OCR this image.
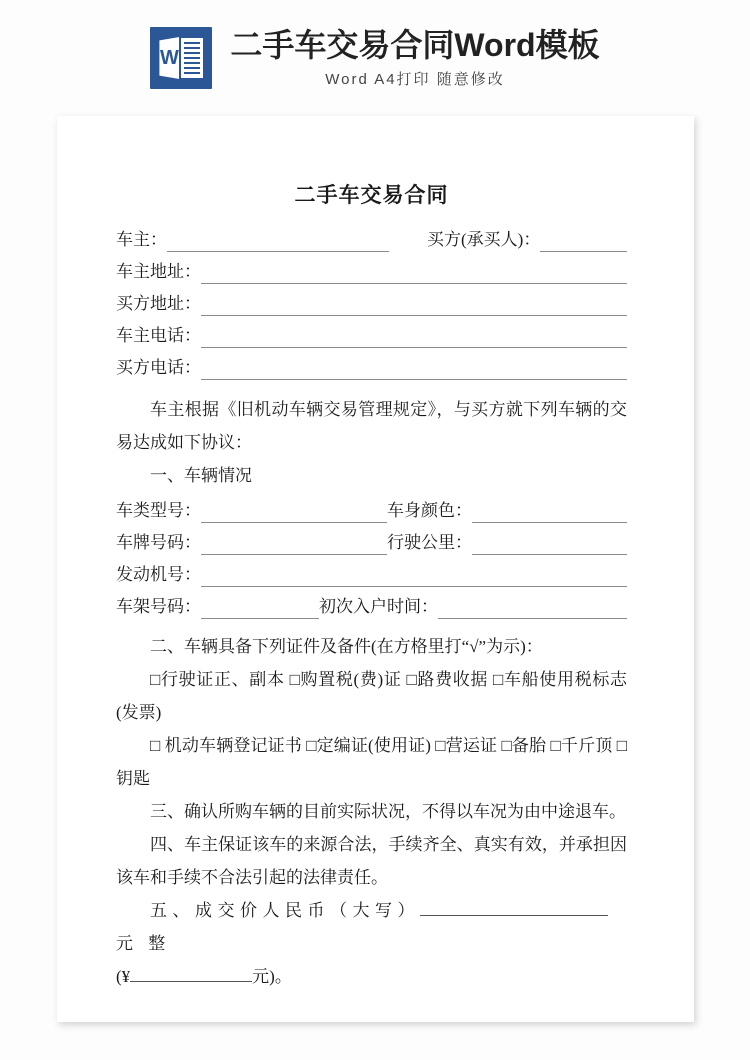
W 二手车交易合同Word模板
Word A4打印 随意修改
二手车交易合同
车主：	买方(承买人)：
车主地址：
买方地址：
车主电话：
买方电话：

车主根据《旧机动车辆交易管理规定》，与买方就下列车辆的交易达成如下协议：

一、车辆情况

车类型号：	车身颜色：
车牌号码：	行驶公里：
发动机号：
车架号码：	初次入户时间：

二、车辆具备下列证件及备件(在方格里打“√”为示)：

□行驶证正、副本 □购置税(费)证 □路费收据 □车船使用税标志(发票)

□ 机动车辆登记证书 □定编证(使用证) □营运证 □备胎 □千斤顶 □钥匙

三、确认所购车辆的目前实际状况，不得以车况为由中途退车。

四、车主保证该车的来源合法，手续齐全、真实有效，并承担因该车和手续不合法引起的法律责任。

五、成交价人民币（大写）元 整

(¥	元)。
